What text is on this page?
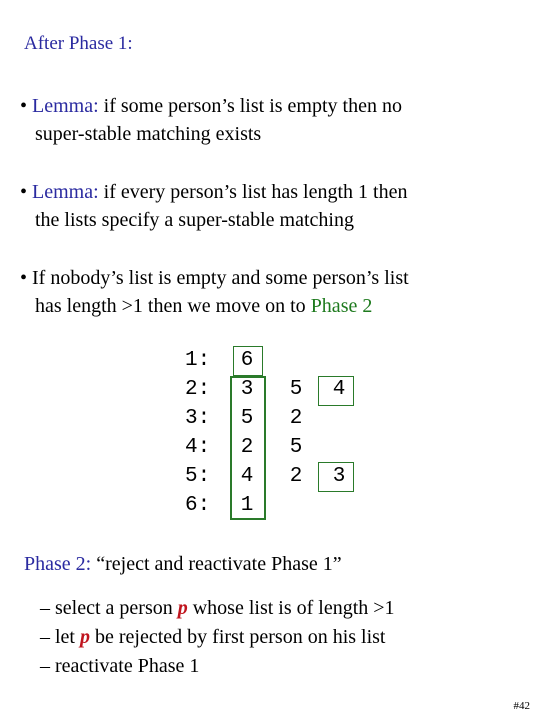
After Phase 1:
• Lemma: if some person’s list is empty then no
super-stable matching exists
• Lemma: if every person’s list has length 1 then
the lists specify a super-stable matching
• If nobody’s list is empty and some person’s list
has length >1 then we move on to Phase 2
1: 6
2: 3 5 4
3: 5 2
4: 2 5
5: 4 2 3
6: 1
Phase 2: “reject and reactivate Phase 1”
– select a person p whose list is of length >1
– let p be rejected by first person on his list
– reactivate Phase 1
#42
